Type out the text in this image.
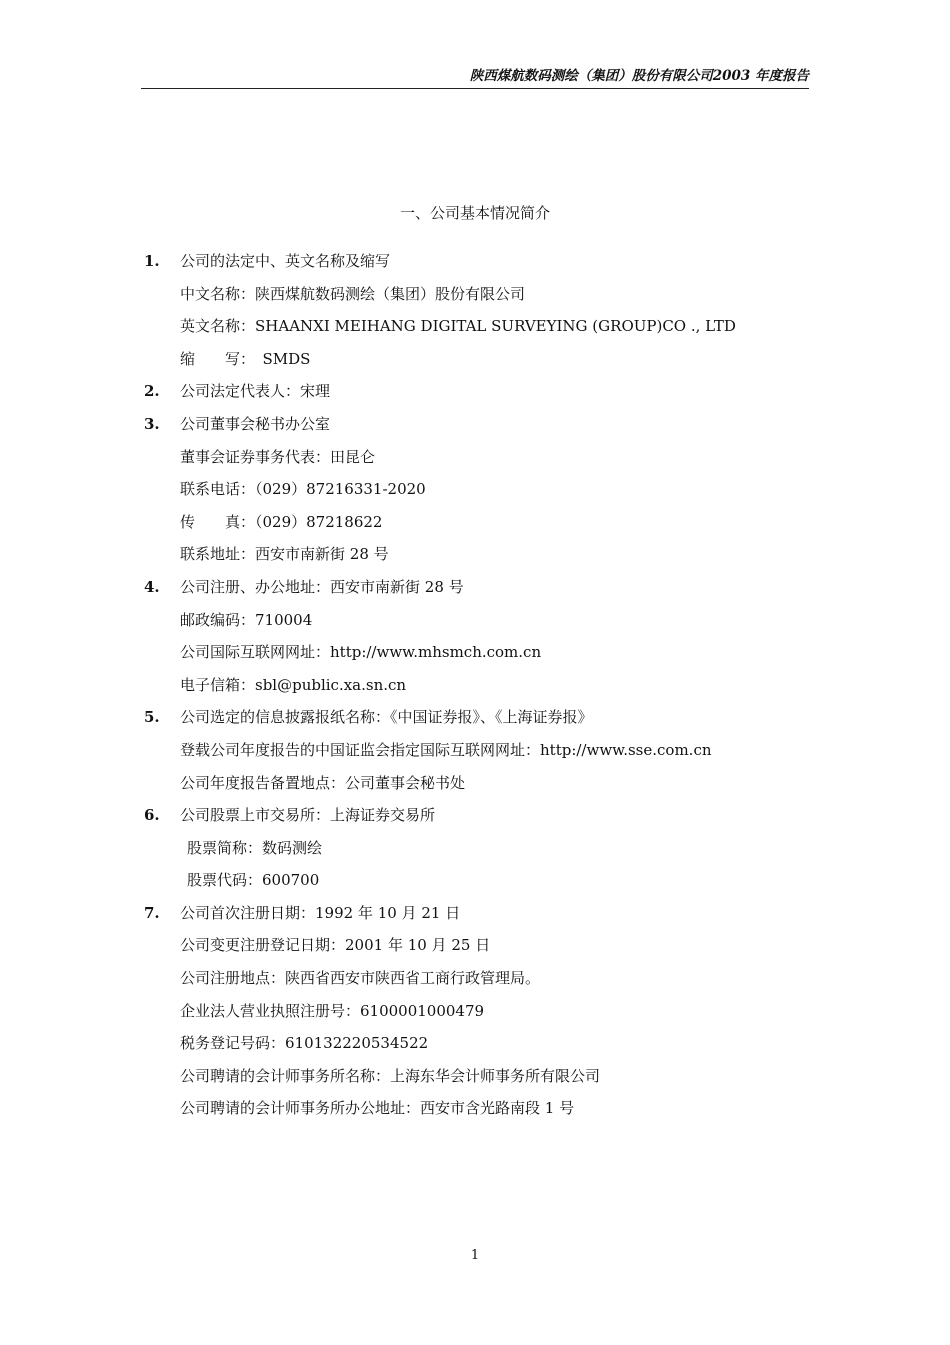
陕西煤航数码测绘（集团）股份有限公司2003 年度报告
一、公司基本情况简介
1. 公司的法定中、英文名称及缩写
中文名称：陕西煤航数码测绘（集团）股份有限公司
英文名称：SHAANXI MEIHANG DIGITAL SURVEYING (GROUP)CO ., LTD
缩　　写：　SMDS
2. 公司法定代表人：宋理
3. 公司董事会秘书办公室
董事会证券事务代表：田昆仑
联系电话：（029）87216331-2020
传　　真：（029）87218622
联系地址：西安市南新街 28 号
4. 公司注册、办公地址：西安市南新街 28 号
邮政编码：710004
公司国际互联网网址：http://www.mhsmch.com.cn
电子信箱：sbl@public.xa.sn.cn
5. 公司选定的信息披露报纸名称：《中国证券报》、《上海证券报》
登载公司年度报告的中国证监会指定国际互联网网址：http://www.sse.com.cn
公司年度报告备置地点：公司董事会秘书处
6. 公司股票上市交易所：上海证券交易所
股票简称：数码测绘
股票代码：600700
7. 公司首次注册日期：1992 年 10 月 21 日
公司变更注册登记日期：2001 年 10 月 25 日
公司注册地点：陕西省西安市陕西省工商行政管理局。
企业法人营业执照注册号：6100001000479
税务登记号码：610132220534522
公司聘请的会计师事务所名称：上海东华会计师事务所有限公司
公司聘请的会计师事务所办公地址：西安市含光路南段 1 号
1
